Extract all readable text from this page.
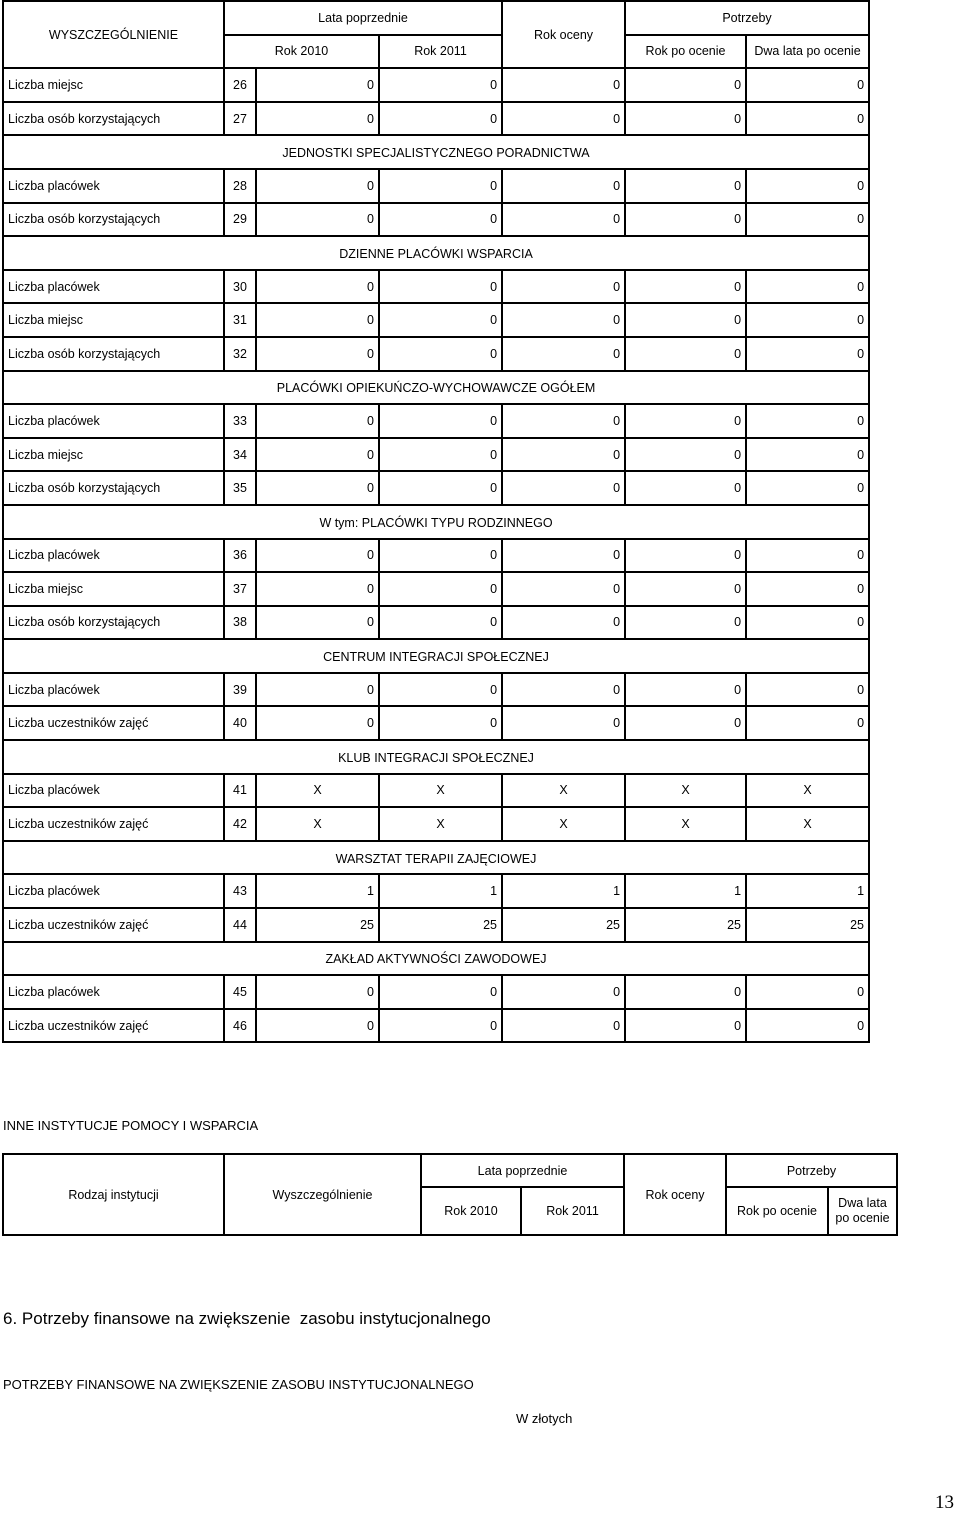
WYSZCZEGÓLNIENIE	Lata poprzednie			Rok oceny	Potrzeby	
	Rok 2010		Rok 2011		Rok po ocenie	Dwa lata po ocenie
Liczba miejsc	26	0	0	0	0	0
Liczba osób korzystających	27	0	0	0	0	0
JEDNOSTKI SPECJALISTYCZNEGO PORADNICTWA						
Liczba placówek	28	0	0	0	0	0
Liczba osób korzystających	29	0	0	0	0	0
DZIENNE PLACÓWKI WSPARCIA						
Liczba placówek	30	0	0	0	0	0
Liczba miejsc	31	0	0	0	0	0
Liczba osób korzystających	32	0	0	0	0	0
PLACÓWKI OPIEKUŃCZO-WYCHOWAWCZE OGÓŁEM						
Liczba placówek	33	0	0	0	0	0
Liczba miejsc	34	0	0	0	0	0
Liczba osób korzystających	35	0	0	0	0	0
W tym: PLACÓWKI TYPU RODZINNEGO						
Liczba placówek	36	0	0	0	0	0
Liczba miejsc	37	0	0	0	0	0
Liczba osób korzystających	38	0	0	0	0	0
CENTRUM INTEGRACJI SPOŁECZNEJ						
Liczba placówek	39	0	0	0	0	0
Liczba uczestników zajęć	40	0	0	0	0	0
KLUB INTEGRACJI SPOŁECZNEJ						
Liczba placówek	41	X	X	X	X	X
Liczba uczestników zajęć	42	X	X	X	X	X
WARSZTAT TERAPII ZAJĘCIOWEJ						
Liczba placówek	43	1	1	1	1	1
Liczba uczestników zajęć	44	25	25	25	25	25
ZAKŁAD AKTYWNOŚCI ZAWODOWEJ						
Liczba placówek	45	0	0	0	0	0
Liczba uczestników zajęć	46	0	0	0	0	0

INNE INSTYTUCJE POMOCY I WSPARCIA

Rodzaj instytucji	Wyszczególnienie	Lata poprzednie		Rok oceny	Potrzeby	
		Rok 2010	Rok 2011		Rok po ocenie	Dwa lata
po ocenie

6. Potrzeby finansowe na zwiększenie  zasobu instytucjonalnego

POTRZEBY FINANSOWE NA ZWIĘKSZENIE ZASOBU INSTYTUCJONALNEGO

W złotych

13
